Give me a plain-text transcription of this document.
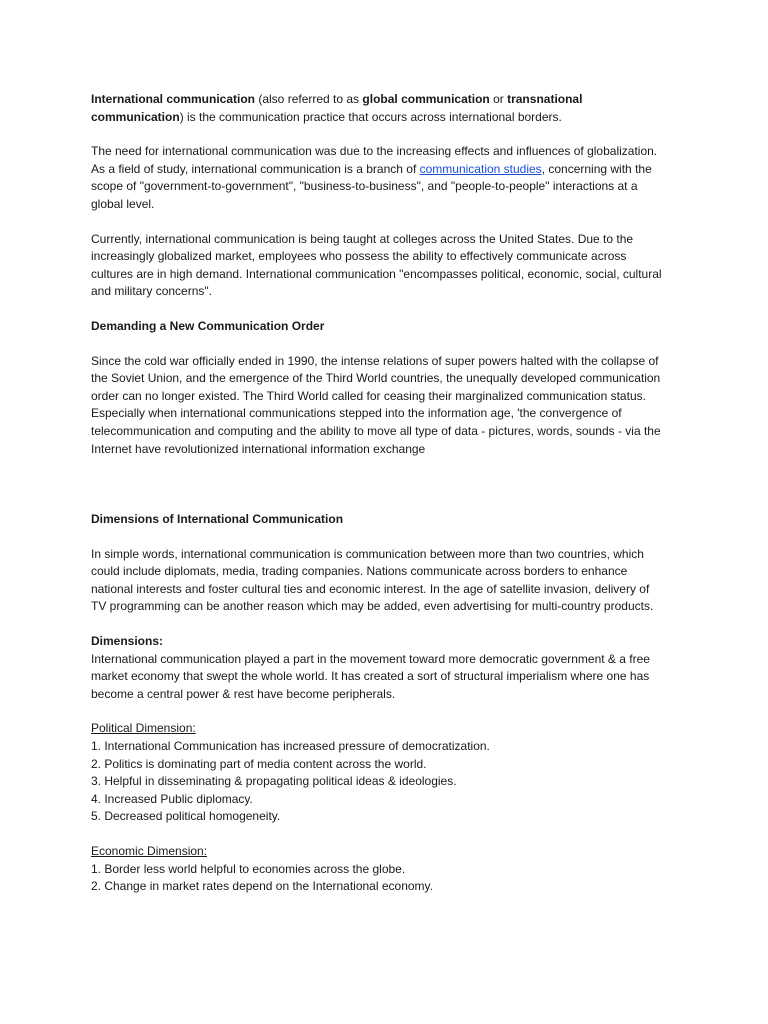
International communication (also referred to as global communication or transnational communication) is the communication practice that occurs across international borders.

The need for international communication was due to the increasing effects and influences of globalization. As a field of study, international communication is a branch of communication studies, concerning with the scope of "government-to-government", "business-to-business", and "people-to-people" interactions at a global level.

Currently, international communication is being taught at colleges across the United States. Due to the increasingly globalized market, employees who possess the ability to effectively communicate across cultures are in high demand. International communication "encompasses political, economic, social, cultural and military concerns".

Demanding a New Communication Order

Since the cold war officially ended in 1990, the intense relations of super powers halted with the collapse of the Soviet Union, and the emergence of the Third World countries, the unequally developed communication order can no longer existed. The Third World called for ceasing their marginalized communication status. Especially when international communications stepped into the information age, 'the convergence of telecommunication and computing and the ability to move all type of data - pictures, words, sounds - via the Internet have revolutionized international information exchange

Dimensions of International Communication

In simple words, international communication is communication between more than two countries, which could include diplomats, media, trading companies. Nations communicate across borders to enhance national interests and foster cultural ties and economic interest. In the age of satellite invasion, delivery of TV programming can be another reason which may be added, even advertising for multi-country products.

Dimensions:

International communication played a part in the movement toward more democratic government & a free market economy that swept the whole world. It has created a sort of structural imperialism where one has become a central power & rest have become peripherals.

Political Dimension:

1. International Communication has increased pressure of democratization.
2. Politics is dominating part of media content across the world.
3. Helpful in disseminating & propagating political ideas & ideologies.
4. Increased Public diplomacy.
5. Decreased political homogeneity.

Economic Dimension:

1. Border less world helpful to economies across the globe.
2. Change in market rates depend on the International economy.
